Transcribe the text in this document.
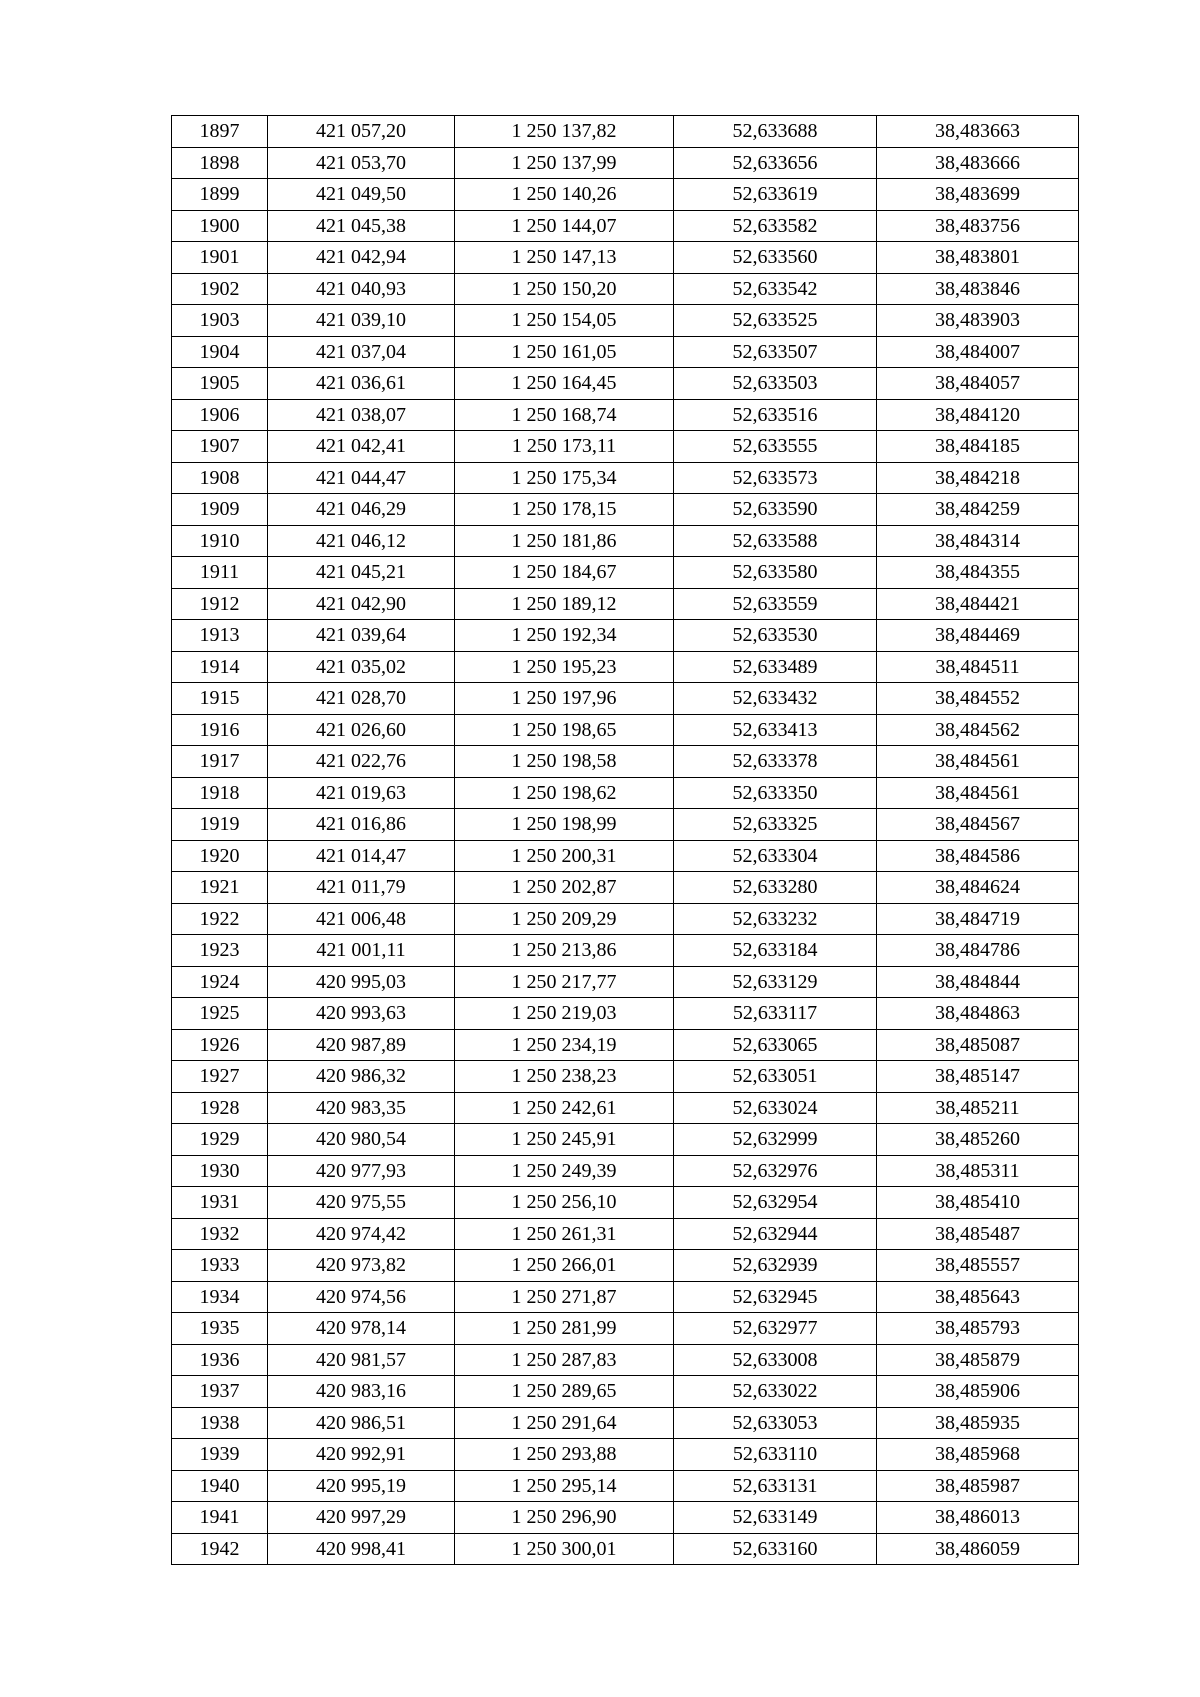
1897	421 057,20	1 250 137,82	52,633688	38,483663
1898	421 053,70	1 250 137,99	52,633656	38,483666
1899	421 049,50	1 250 140,26	52,633619	38,483699
1900	421 045,38	1 250 144,07	52,633582	38,483756
1901	421 042,94	1 250 147,13	52,633560	38,483801
1902	421 040,93	1 250 150,20	52,633542	38,483846
1903	421 039,10	1 250 154,05	52,633525	38,483903
1904	421 037,04	1 250 161,05	52,633507	38,484007
1905	421 036,61	1 250 164,45	52,633503	38,484057
1906	421 038,07	1 250 168,74	52,633516	38,484120
1907	421 042,41	1 250 173,11	52,633555	38,484185
1908	421 044,47	1 250 175,34	52,633573	38,484218
1909	421 046,29	1 250 178,15	52,633590	38,484259
1910	421 046,12	1 250 181,86	52,633588	38,484314
1911	421 045,21	1 250 184,67	52,633580	38,484355
1912	421 042,90	1 250 189,12	52,633559	38,484421
1913	421 039,64	1 250 192,34	52,633530	38,484469
1914	421 035,02	1 250 195,23	52,633489	38,484511
1915	421 028,70	1 250 197,96	52,633432	38,484552
1916	421 026,60	1 250 198,65	52,633413	38,484562
1917	421 022,76	1 250 198,58	52,633378	38,484561
1918	421 019,63	1 250 198,62	52,633350	38,484561
1919	421 016,86	1 250 198,99	52,633325	38,484567
1920	421 014,47	1 250 200,31	52,633304	38,484586
1921	421 011,79	1 250 202,87	52,633280	38,484624
1922	421 006,48	1 250 209,29	52,633232	38,484719
1923	421 001,11	1 250 213,86	52,633184	38,484786
1924	420 995,03	1 250 217,77	52,633129	38,484844
1925	420 993,63	1 250 219,03	52,633117	38,484863
1926	420 987,89	1 250 234,19	52,633065	38,485087
1927	420 986,32	1 250 238,23	52,633051	38,485147
1928	420 983,35	1 250 242,61	52,633024	38,485211
1929	420 980,54	1 250 245,91	52,632999	38,485260
1930	420 977,93	1 250 249,39	52,632976	38,485311
1931	420 975,55	1 250 256,10	52,632954	38,485410
1932	420 974,42	1 250 261,31	52,632944	38,485487
1933	420 973,82	1 250 266,01	52,632939	38,485557
1934	420 974,56	1 250 271,87	52,632945	38,485643
1935	420 978,14	1 250 281,99	52,632977	38,485793
1936	420 981,57	1 250 287,83	52,633008	38,485879
1937	420 983,16	1 250 289,65	52,633022	38,485906
1938	420 986,51	1 250 291,64	52,633053	38,485935
1939	420 992,91	1 250 293,88	52,633110	38,485968
1940	420 995,19	1 250 295,14	52,633131	38,485987
1941	420 997,29	1 250 296,90	52,633149	38,486013
1942	420 998,41	1 250 300,01	52,633160	38,486059
